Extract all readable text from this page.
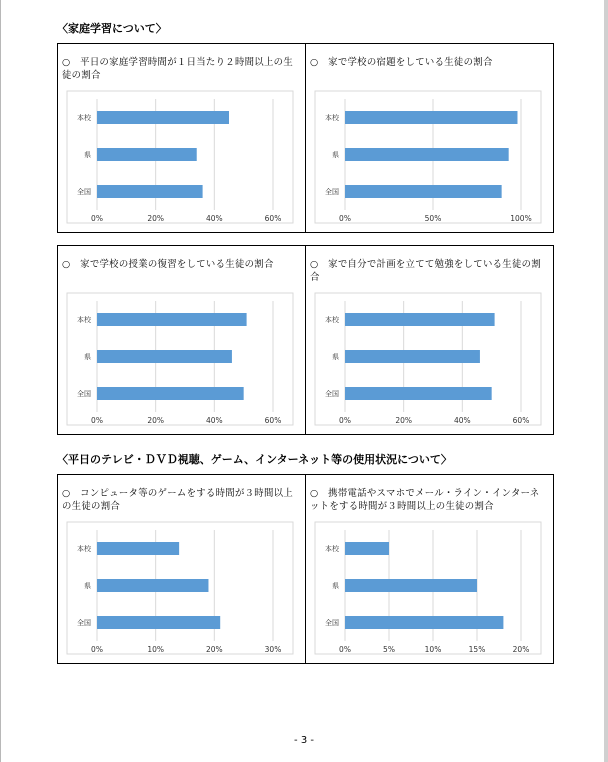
〈家庭学習について〉
〈平日のテレビ・ＤＶＤ視聴、ゲーム、インターネット等の使用状況について〉
○　平日の家庭学習時間が１日当たり２時間以上の生徒の割合
本校
県
全国
0%	20%	40%	60%
○　家で学校の宿題をしている生徒の割合
本校
県
全国
0%	50%	100%
○　家で学校の授業の復習をしている生徒の割合
本校
県
全国
0%	20%	40%	60%
○　家で自分で計画を立てて勉強をしている生徒の割合
本校
県
全国
0%	20%	40%	60%
○　コンピュータ等のゲームをする時間が３時間以上の生徒の割合
本校
県
全国
0%	10%	20%	30%
○　携帯電話やスマホでメール・ライン・インターネットをする時間が３時間以上の生徒の割合
本校
県
全国
0%	5%	10%	15%	20%
- 3 -
